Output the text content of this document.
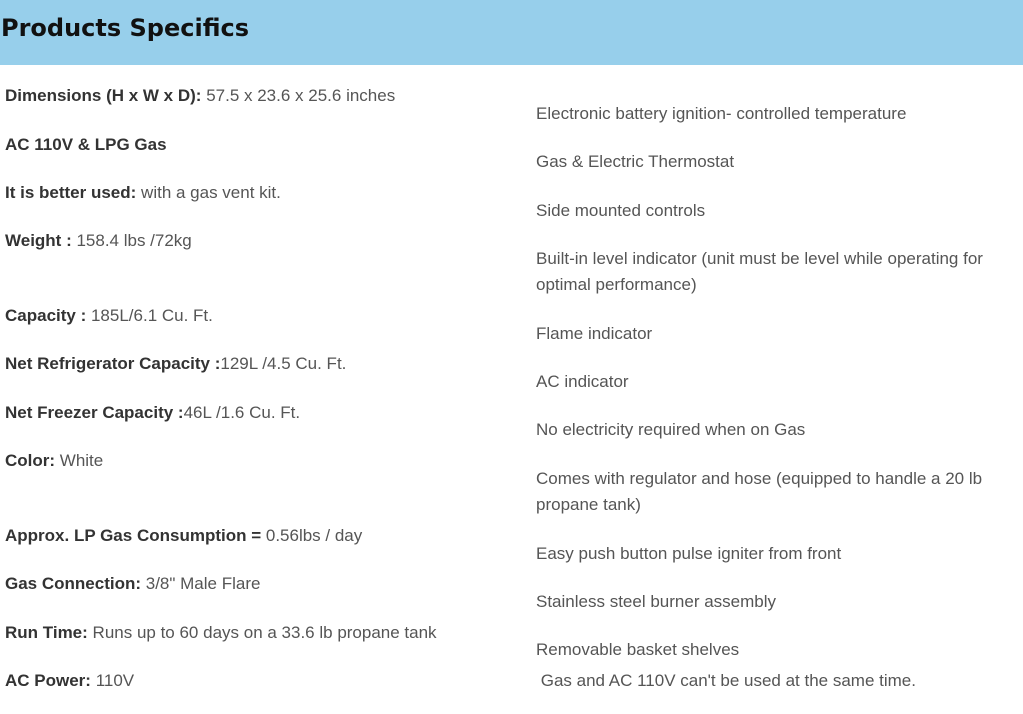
Products Specifics
Dimensions (H x W x D): 57.5 x 23.6 x 25.6 inches
AC 110V & LPG Gas
It is better used: with a gas vent kit.
Weight : 158.4 lbs /72kg
Capacity : 185L/6.1 Cu. Ft.
Net Refrigerator Capacity :129L /4.5 Cu. Ft.
Net Freezer Capacity :46L /1.6 Cu. Ft.
Color: White
Approx. LP Gas Consumption = 0.56lbs / day
Gas Connection: 3/8" Male Flare
Run Time: Runs up to 60 days on a 33.6 lb propane tank
AC Power: 110V
Electronic battery ignition- controlled temperature
Gas & Electric Thermostat
Side mounted controls
Built-in level indicator (unit must be level while operating for optimal performance)
Flame indicator
AC indicator
No electricity required when on Gas
Comes with regulator and hose (equipped to handle a 20 lb propane tank)
Easy push button pulse igniter from front
Stainless steel burner assembly
Removable basket shelves
Gas and AC 110V can't be used at the same time.
